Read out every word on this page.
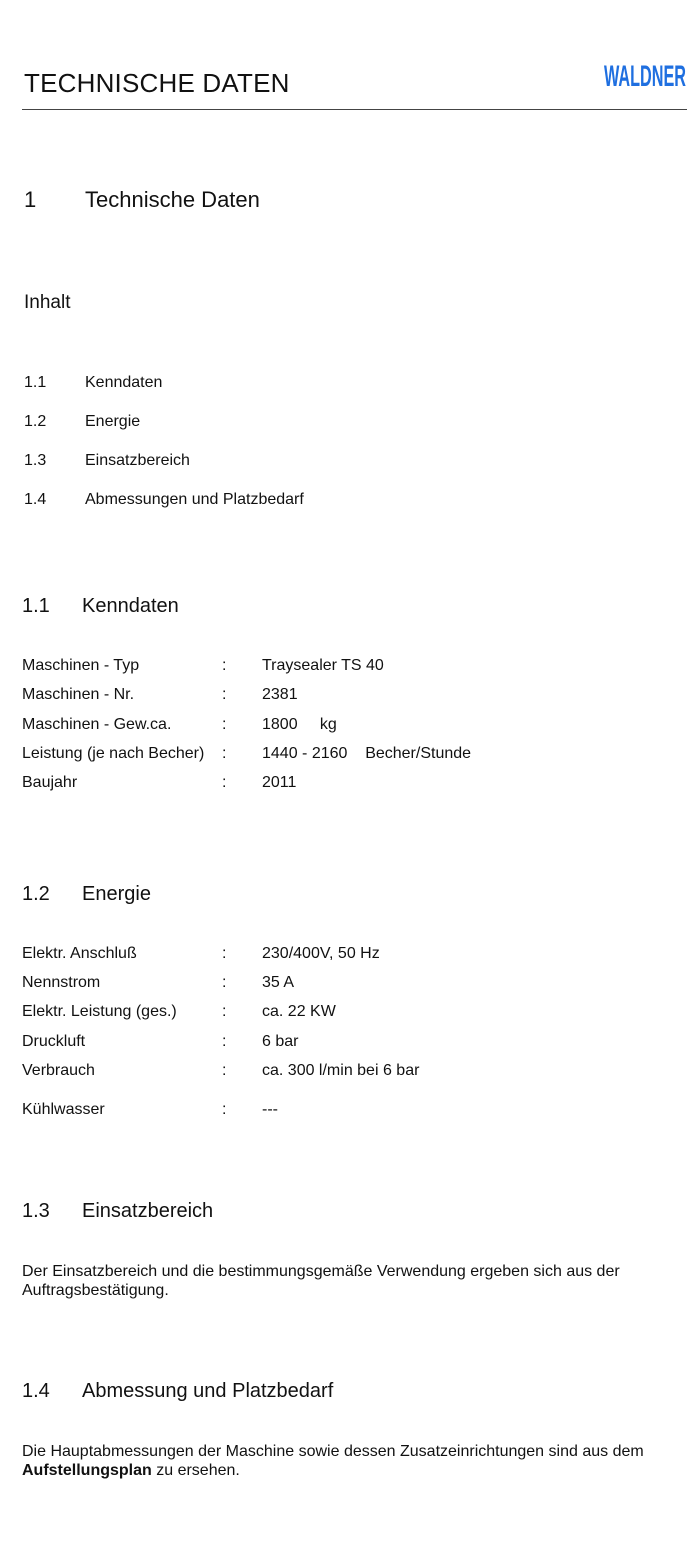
TECHNISCHE DATEN	WALDNER
1 Technische Daten
Inhalt
1.1 Kenndaten
1.2 Energie
1.3 Einsatzbereich
1.4 Abmessungen und Platzbedarf
1.1 Kenndaten
Maschinen - Typ	: Traysealer TS 40
Maschinen - Nr.	: 2381
Maschinen - Gew.ca.	: 1800     kg
Leistung (je nach Becher) : 1440 - 2160    Becher/Stunde
Baujahr	: 2011
1.2 Energie
Elektr. Anschluß	: 230/400V, 50 Hz
Nennstrom	: 35 A
Elektr. Leistung (ges.)	: ca. 22 KW
Druckluft	: 6 bar
Verbrauch	: ca. 300 l/min bei 6 bar
Kühlwasser	: ---
1.3 Einsatzbereich
Der Einsatzbereich und die bestimmungsgemäße Verwendung ergeben sich aus der Auftragsbestätigung.
1.4 Abmessung und Platzbedarf
Die Hauptabmessungen der Maschine sowie dessen Zusatzeinrichtungen sind aus dem Aufstellungsplan zu ersehen.
